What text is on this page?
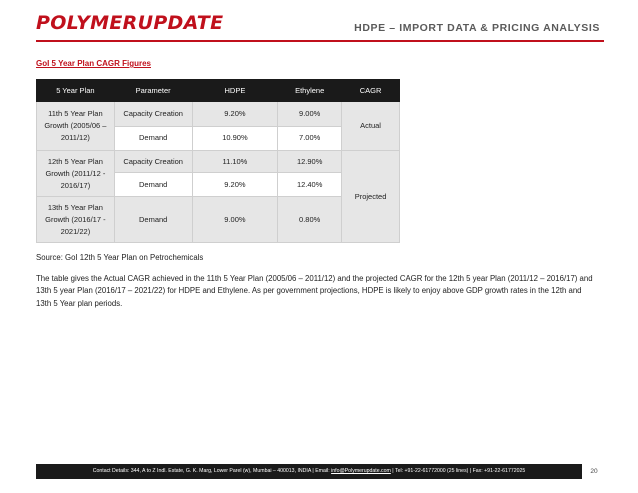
POLYMERUPDATE	HDPE – IMPORT DATA & PRICING ANALYSIS
GoI 5 Year Plan CAGR Figures
5 Year Plan	Parameter	HDPE	Ethylene	CAGR
11th 5 Year Plan
Growth (2005/06 –
2011/12)	Capacity Creation	9.20%	9.00%	Actual
	Demand	10.90%	7.00%	
12th 5 Year Plan
Growth (2011/12 -
2016/17)	Capacity Creation	11.10%	12.90%	Projected
	Demand	9.20%	12.40%	
13th 5 Year Plan
Growth (2016/17 -
2021/22)	Demand	9.00%	0.80%	
Source: GoI 12th 5 Year Plan on Petrochemicals
The table gives the Actual CAGR achieved in the 11th 5 Year Plan (2005/06 – 2011/12) and the projected CAGR for the 12th 5 year Plan (2011/12 – 2016/17) and 13th 5 year Plan (2016/17 – 2021/22) for HDPE and Ethylene. As per government projections, HDPE is likely to enjoy above GDP growth rates in the 12th and 13th 5 Year plan periods.
Contact Details: 344, A to Z Indl. Estate, G. K. Marg, Lower Parel (w), Mumbai – 400013, INDIA | Email: info@Polymerupdate.com | Tel: +91-22-61772000 (25 lines) | Fax: +91-22-61772025	20
